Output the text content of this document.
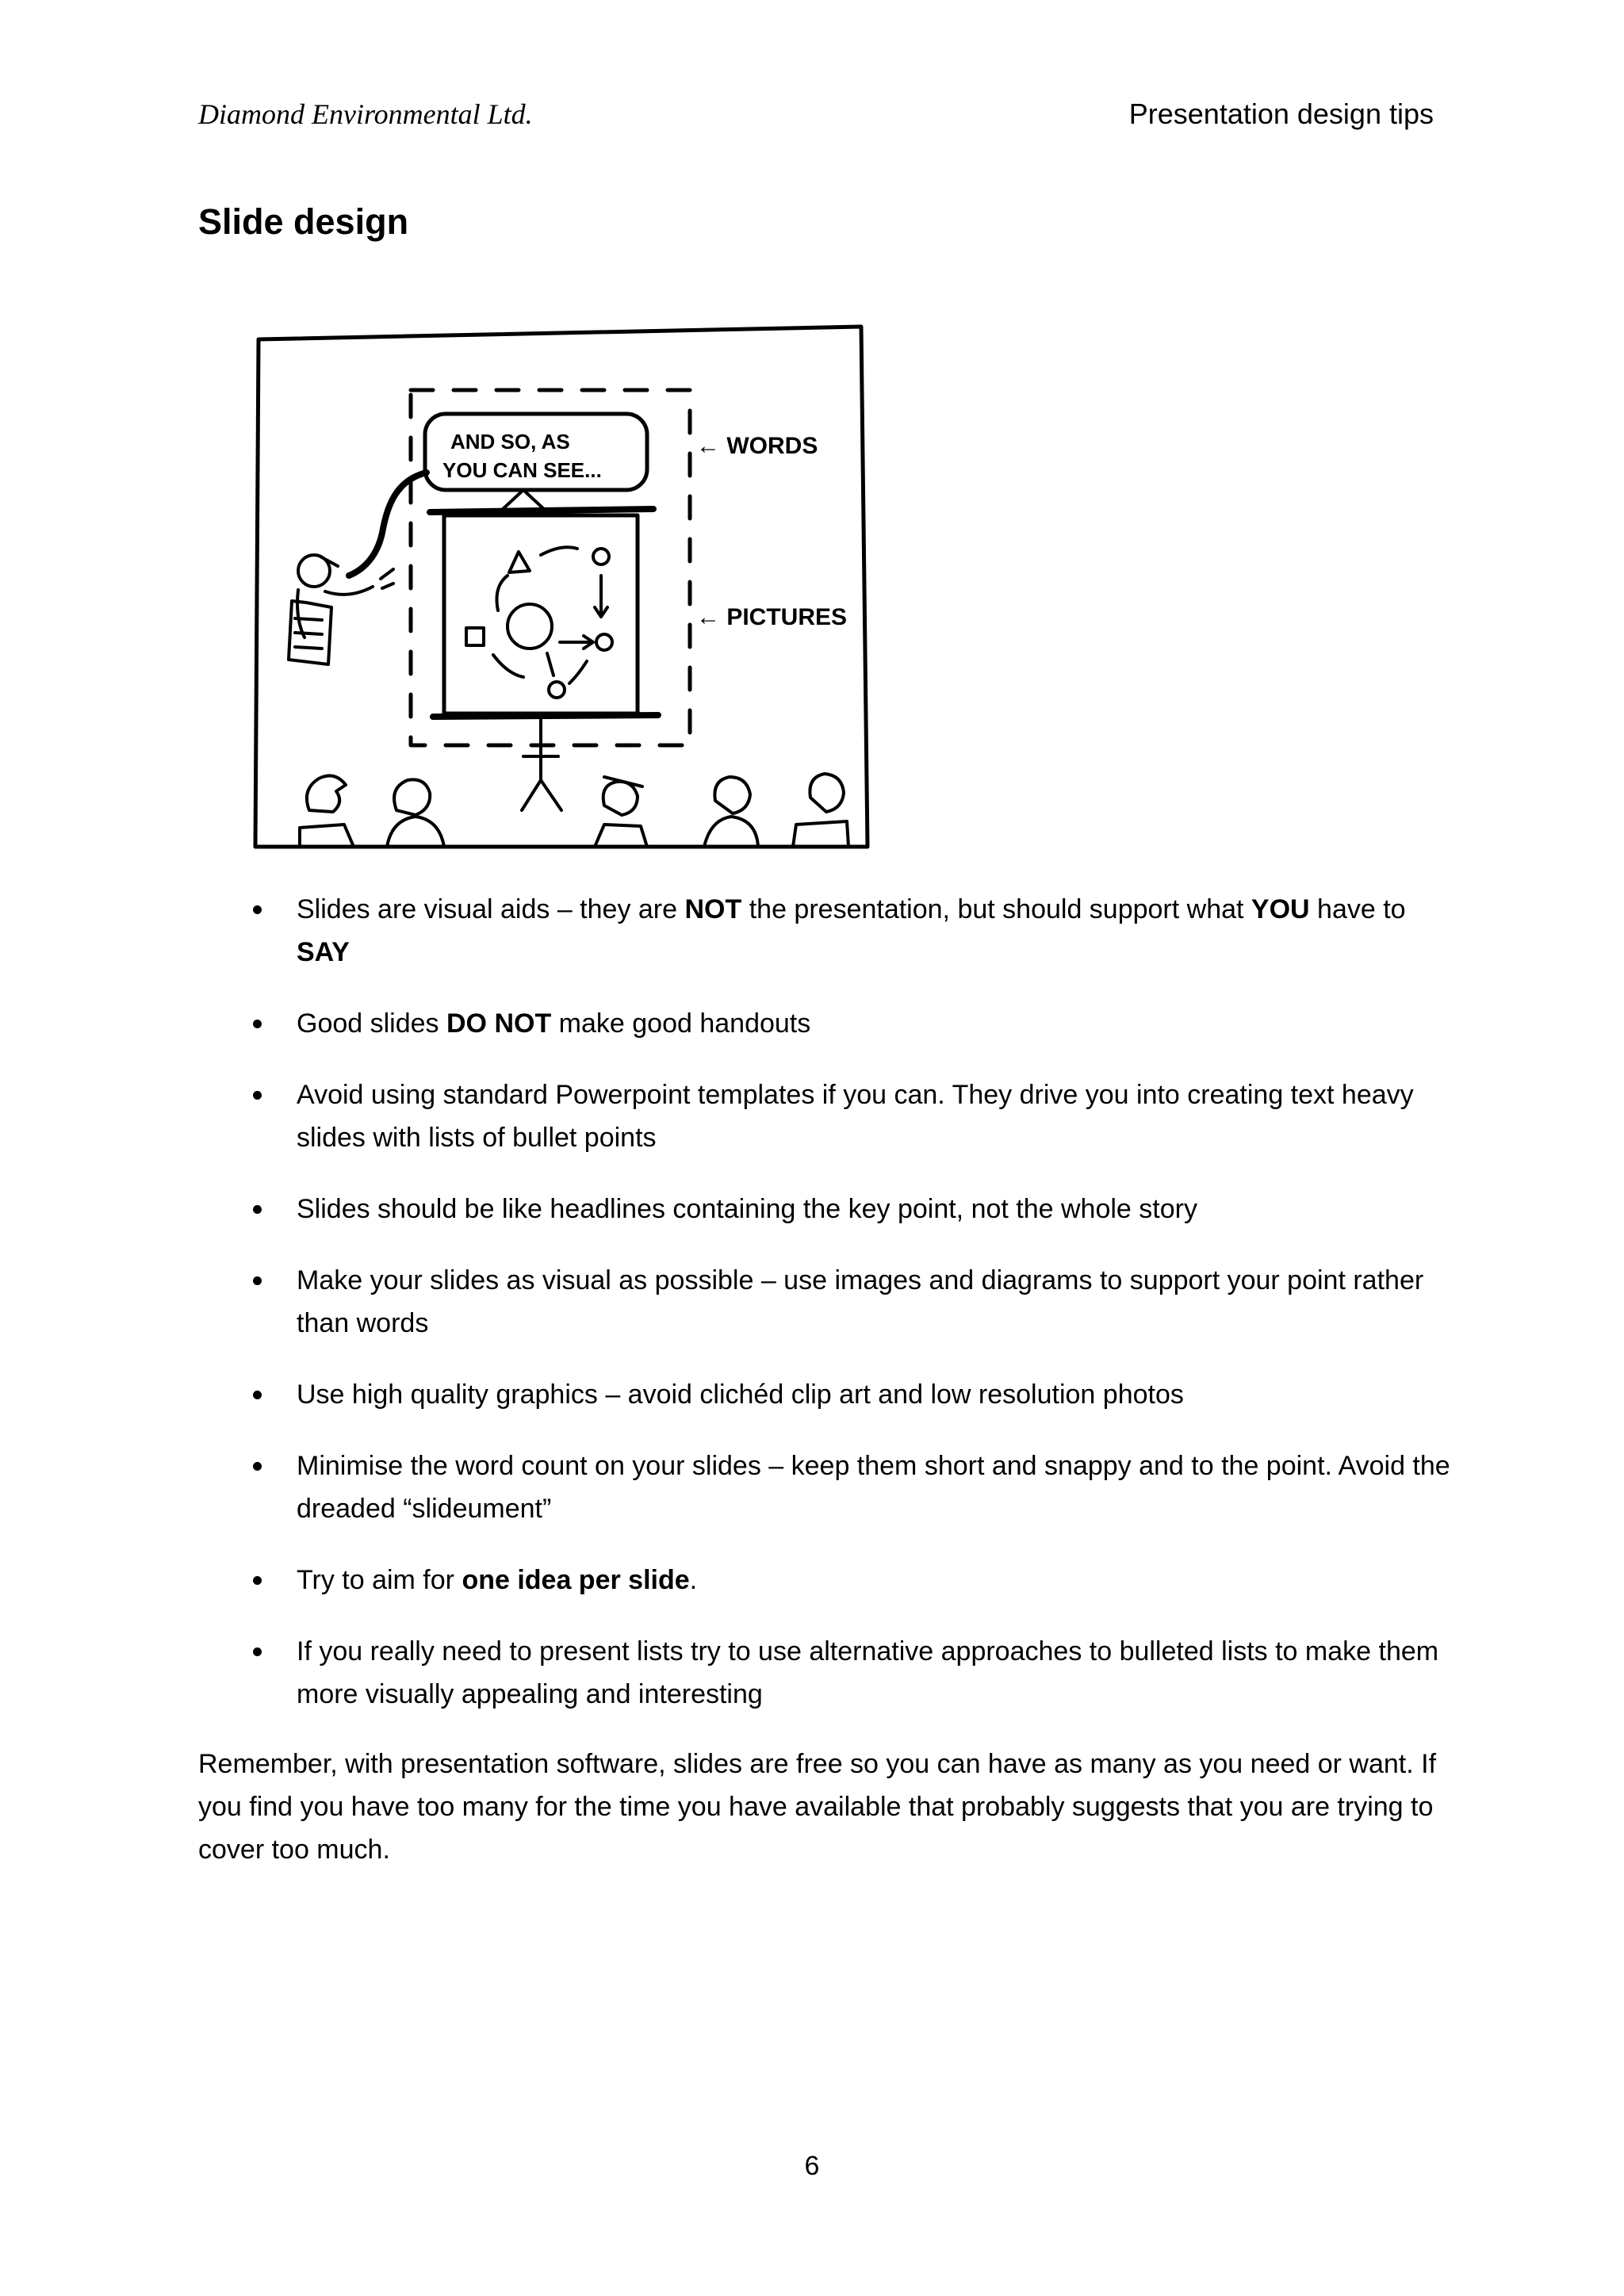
Diamond Environmental Ltd.	Presentation design tips
Slide design
AND SO, AS
YOU CAN SEE...
← WORDS
← PICTURES
Slides are visual aids – they are NOT the presentation, but should support what YOU have to SAY
Good slides DO NOT make good handouts
Avoid using standard Powerpoint templates if you can. They drive you into creating text heavy slides with lists of bullet points
Slides should be like headlines containing the key point, not the whole story
Make your slides as visual as possible – use images and diagrams to support your point rather than words
Use high quality graphics – avoid clichéd clip art and low resolution photos
Minimise the word count on your slides – keep them short and snappy and to the point. Avoid the dreaded “slideument”
Try to aim for one idea per slide.
If you really need to present lists try to use alternative approaches to bulleted lists to make them more visually appealing and interesting

Remember, with presentation software, slides are free so you can have as many as you need or want. If you find you have too many for the time you have available that probably suggests that you are trying to cover too much.

6
